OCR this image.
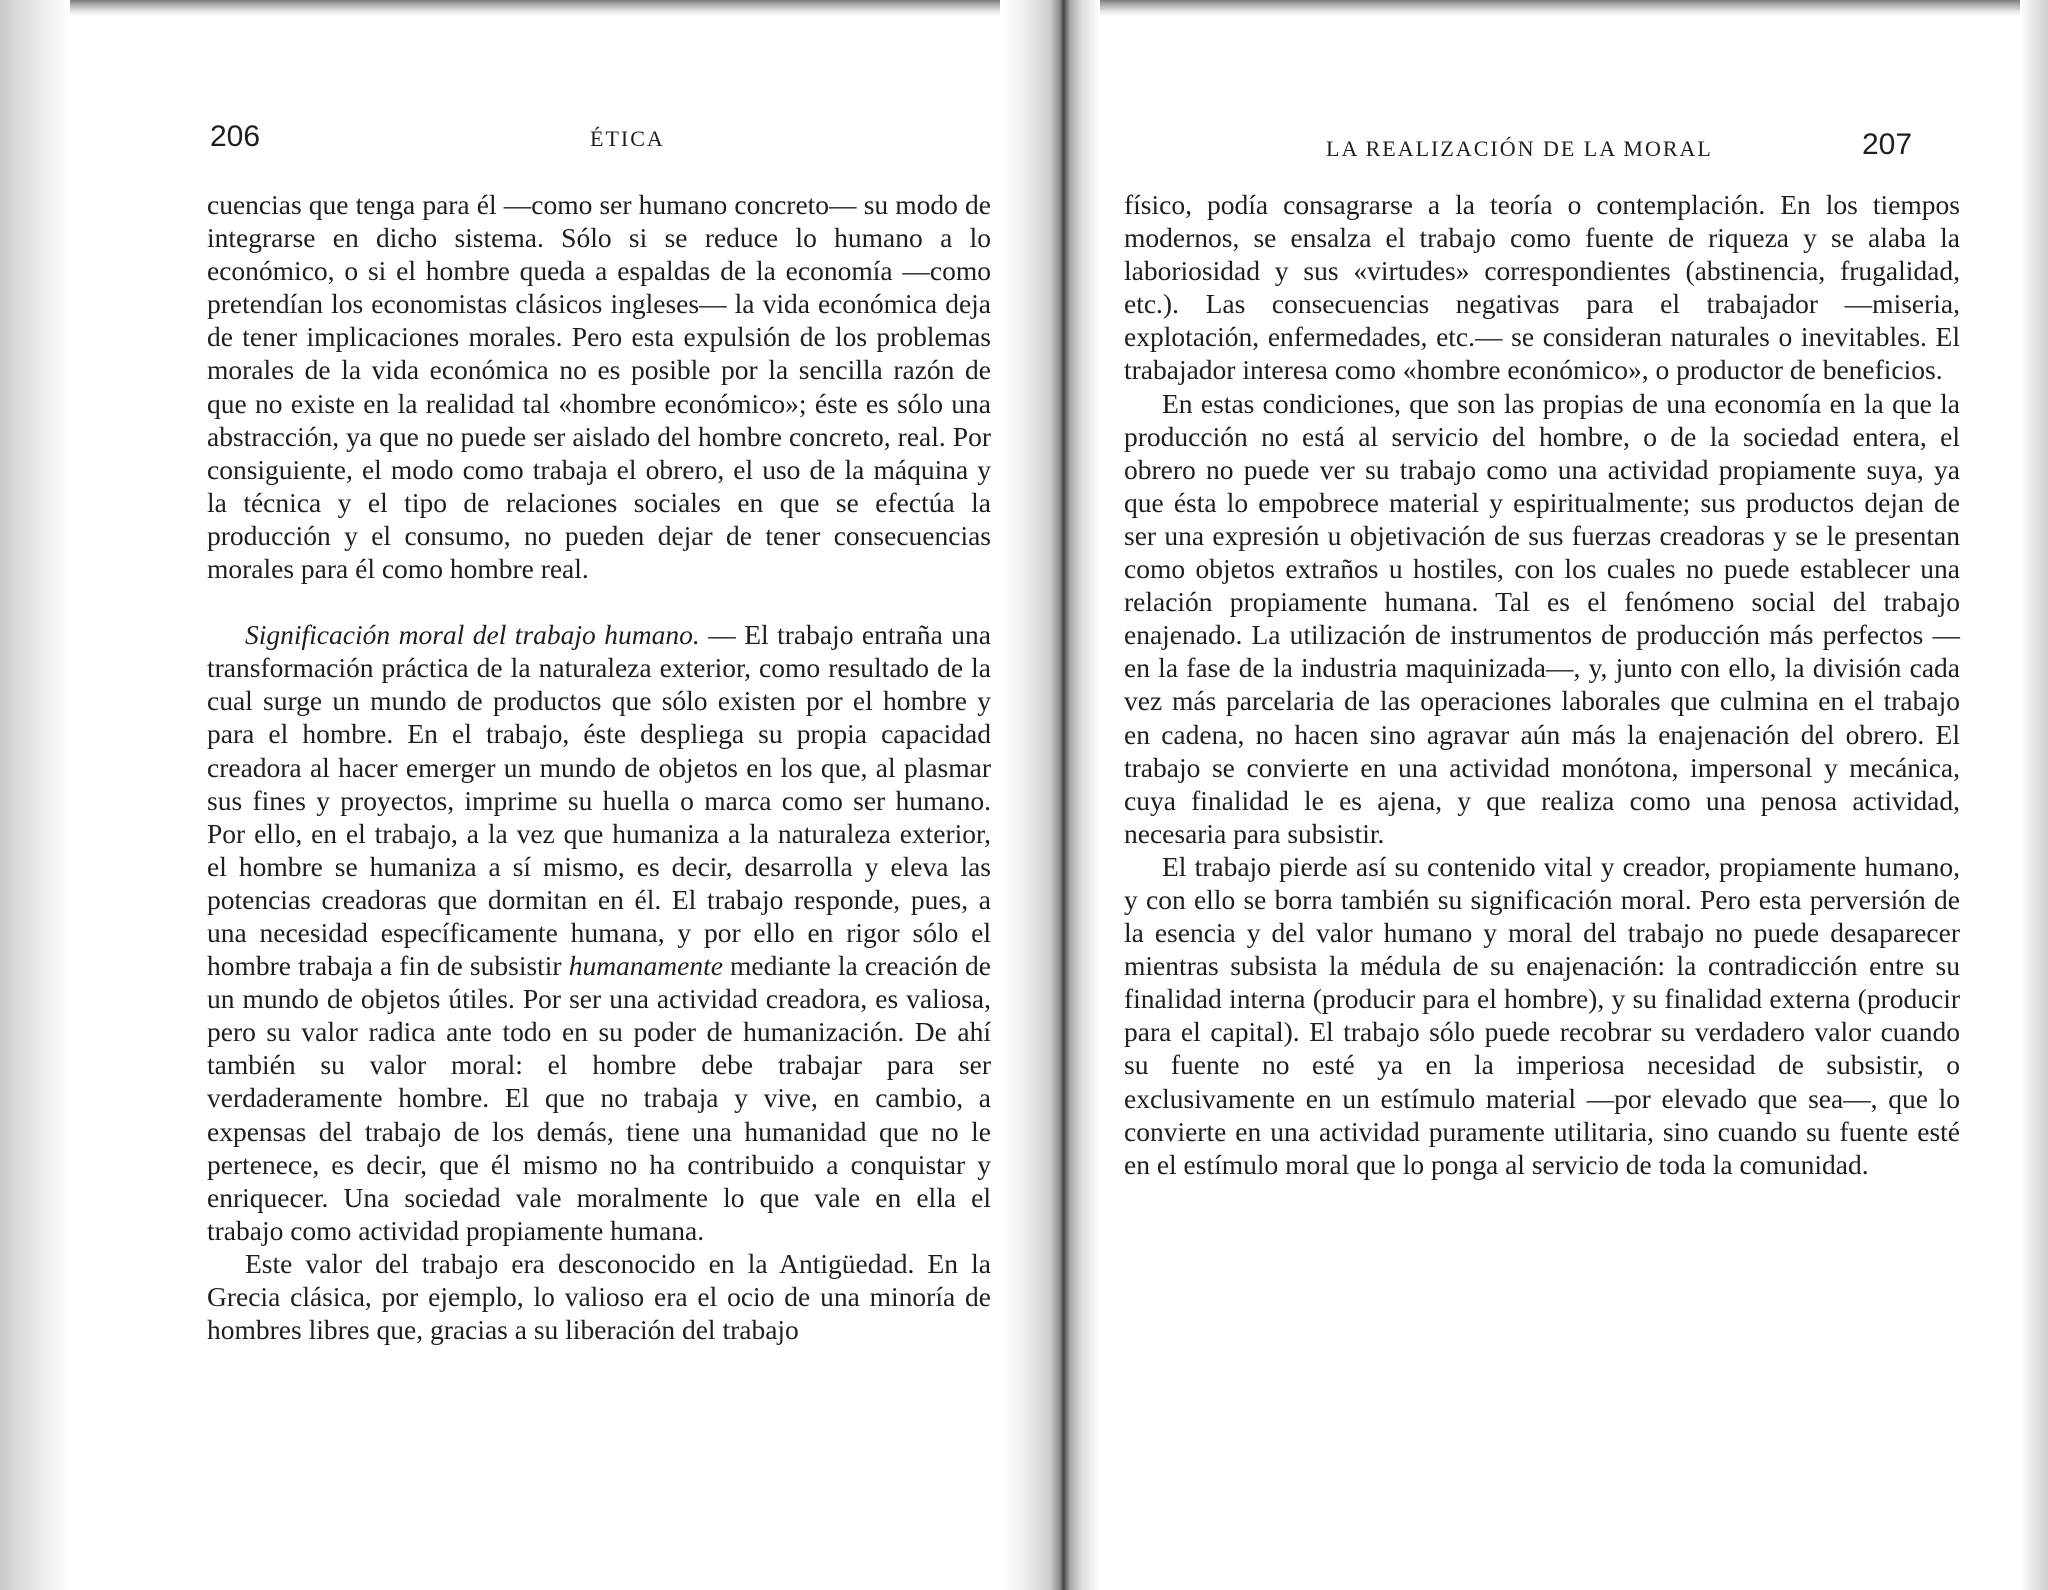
206	ÉTICA

cuencias que tenga para él —como ser humano concreto— su modo de integrarse en dicho sistema. Sólo si se reduce lo humano a lo económico, o si el hombre queda a espaldas de la economía —como pretendían los economistas clásicos ingleses— la vida económica deja de tener implicaciones morales. Pero esta expulsión de los problemas morales de la vida económica no es posible por la sencilla razón de que no existe en la realidad tal «hombre económico»; éste es sólo una abstracción, ya que no puede ser aislado del hombre concreto, real. Por consiguiente, el modo como trabaja el obrero, el uso de la máquina y la técnica y el tipo de relaciones sociales en que se efectúa la producción y el consumo, no pueden dejar de tener consecuencias morales para él como hombre real.

Significación moral del trabajo humano. — El trabajo entraña una transformación práctica de la naturaleza exterior, como resultado de la cual surge un mundo de productos que sólo existen por el hombre y para el hombre. En el trabajo, éste despliega su propia capacidad creadora al hacer emerger un mundo de objetos en los que, al plasmar sus fines y proyectos, imprime su huella o marca como ser humano. Por ello, en el trabajo, a la vez que humaniza a la naturaleza exterior, el hombre se humaniza a sí mismo, es decir, desarrolla y eleva las potencias creadoras que dormitan en él. El trabajo responde, pues, a una necesidad específicamente humana, y por ello en rigor sólo el hombre trabaja a fin de subsistir humanamente mediante la creación de un mundo de objetos útiles. Por ser una actividad creadora, es valiosa, pero su valor radica ante todo en su poder de humanización. De ahí también su valor moral: el hombre debe trabajar para ser verdaderamente hombre. El que no trabaja y vive, en cambio, a expensas del trabajo de los demás, tiene una humanidad que no le pertenece, es decir, que él mismo no ha contribuido a conquistar y enriquecer. Una sociedad vale moralmente lo que vale en ella el trabajo como actividad propiamente humana.

Este valor del trabajo era desconocido en la Antigüedad. En la Grecia clásica, por ejemplo, lo valioso era el ocio de una minoría de hombres libres que, gracias a su liberación del trabajo

LA REALIZACIÓN DE LA MORAL	207

físico, podía consagrarse a la teoría o contemplación. En los tiempos modernos, se ensalza el trabajo como fuente de riqueza y se alaba la laboriosidad y sus «virtudes» correspondientes (abstinencia, frugalidad, etc.). Las consecuencias negativas para el trabajador —miseria, explotación, enfermedades, etc.— se consideran naturales o inevitables. El trabajador interesa como «hombre económico», o productor de beneficios.

En estas condiciones, que son las propias de una economía en la que la producción no está al servicio del hombre, o de la sociedad entera, el obrero no puede ver su trabajo como una actividad propiamente suya, ya que ésta lo empobrece material y espiritualmente; sus productos dejan de ser una expresión u objetivación de sus fuerzas creadoras y se le presentan como objetos extraños u hostiles, con los cuales no puede establecer una relación propiamente humana. Tal es el fenómeno social del trabajo enajenado. La utilización de instrumentos de producción más perfectos —en la fase de la industria maquinizada—, y, junto con ello, la división cada vez más parcelaria de las operaciones laborales que culmina en el trabajo en cadena, no hacen sino agravar aún más la enajenación del obrero. El trabajo se convierte en una actividad monótona, impersonal y mecánica, cuya finalidad le es ajena, y que realiza como una penosa actividad, necesaria para subsistir.

El trabajo pierde así su contenido vital y creador, propiamente humano, y con ello se borra también su significación moral. Pero esta perversión de la esencia y del valor humano y moral del trabajo no puede desaparecer mientras subsista la médula de su enajenación: la contradicción entre su finalidad interna (producir para el hombre), y su finalidad externa (producir para el capital). El trabajo sólo puede recobrar su verdadero valor cuando su fuente no esté ya en la imperiosa necesidad de subsistir, o exclusivamente en un estímulo material —por elevado que sea—, que lo convierte en una actividad puramente utilitaria, sino cuando su fuente esté en el estímulo moral que lo ponga al servicio de toda la comunidad.
